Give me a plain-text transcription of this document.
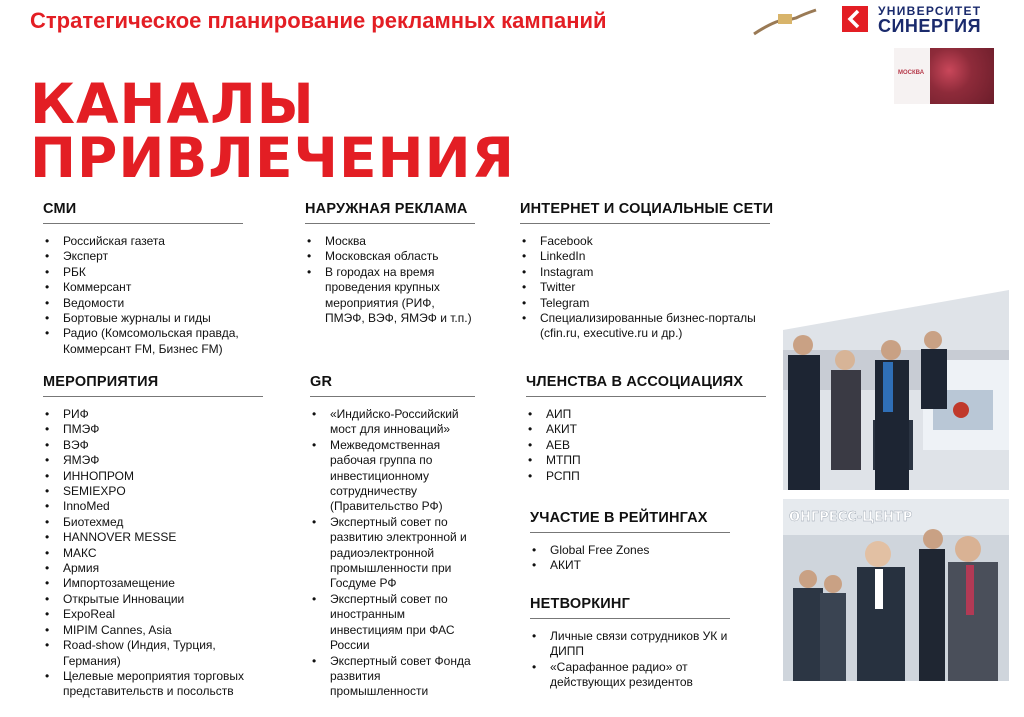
Стратегическое планирование рекламных кампаний
КАНАЛЫ
ПРИВЛЕЧЕНИЯ
УНИВЕРСИТЕТ
СИНЕРГИЯ
МОСКВА
СМИ
• Российская газета
• Эксперт
• РБК
• Коммерсант
• Ведомости
• Бортовые журналы и гиды
• Радио (Комсомольская правда, Коммерсант FM, Бизнес FM)
МЕРОПРИЯТИЯ
• РИФ
• ПМЭФ
• ВЭФ
• ЯМЭФ
• ИННОПРОМ
• SEMIEXPO
• InnoMed
• Биотехмед
• HANNOVER MESSE
• МАКС
• Армия
• Импортозамещение
• Открытые Инновации
• ExpoReal
• MIPIM Cannes, Asia
• Road-show (Индия, Турция, Германия)
• Целевые мероприятия торговых представительств и посольств
НАРУЖНАЯ РЕКЛАМА
• Москва
• Московская область
• В городах на время проведения крупных мероприятия (РИФ, ПМЭФ, ВЭФ, ЯМЭФ и т.п.)
GR
• «Индийско-Российский мост для инноваций»
• Межведомственная рабочая группа по инвестиционному сотрудничеству (Правительство РФ)
• Экспертный совет по развитию электронной и радиоэлектронной промышленности при Госдуме РФ
• Экспертный совет по иностранным инвестициям при ФАС России
• Экспертный совет Фонда развития промышленности
ИНТЕРНЕТ И СОЦИАЛЬНЫЕ СЕТИ
• Facebook
• LinkedIn
• Instagram
• Twitter
• Telegram
• Специализированные бизнес-порталы (cfin.ru, executive.ru и др.)
ЧЛЕНСТВА В АССОЦИАЦИЯХ
• АИП
• АКИТ
• АЕВ
• МТПП
• РСПП
УЧАСТИЕ В РЕЙТИНГАХ
• Global Free Zones
• АКИТ
НЕТВОРКИНГ
• Личные связи сотрудников УК и ДИПП
• «Сарафанное радио» от действующих резидентов
ОНГРЕСС-ЦЕНТР
